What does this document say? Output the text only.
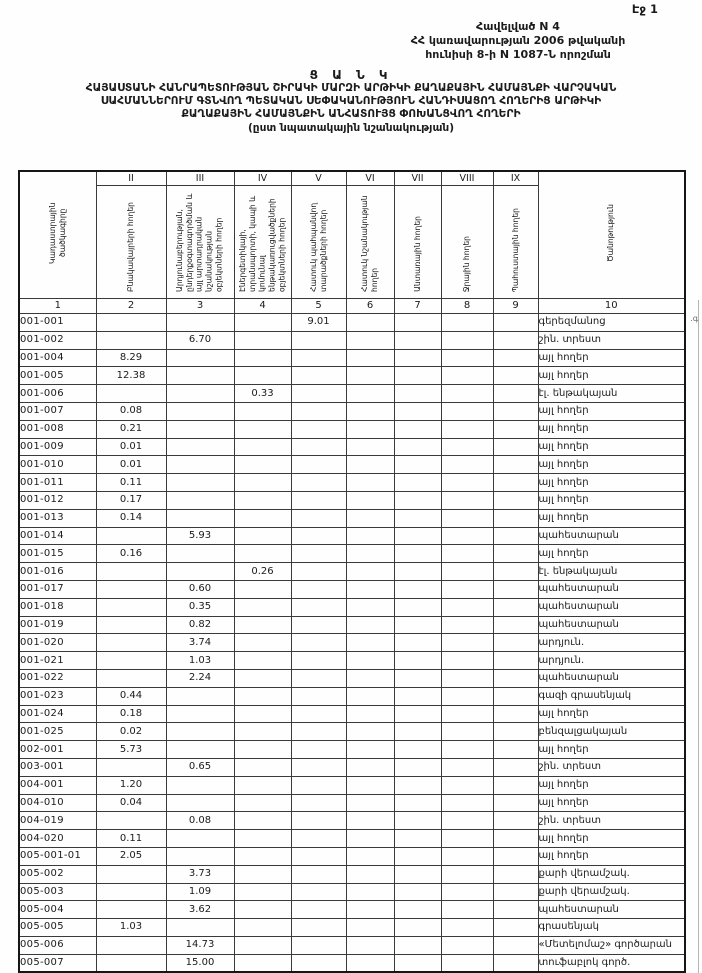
Էջ 1
Հավելված N 4
ՀՀ կառավարության 2006 թվականի
հունիսի 8-ի N 1087-Ն որոշման
Ց Ա Ն Կ
ՀԱՅԱՍՏԱՆԻ ՀԱՆՐԱՊԵՏՈՒԹՅԱՆ ՇԻՐԱԿԻ ՄԱՐԶԻ ԱՐԹԻԿԻ ՔԱՂԱՔԱՅԻՆ ՀԱՄԱՅՆՔԻ ՎԱՐՉԱԿԱՆ
ՍԱՀՄԱՆՆԵՐՈՒՄ ԳՏՆՎՈՂ ՊԵՏԱԿԱՆ ՍԵՓԱԿԱՆՈՒԹՅՈՒՆ ՀԱՆԴԻՍԱՑՈՂ ՀՈՂԵՐԻՑ ԱՐԹԻԿԻ
ՔԱՂԱՔԱՅԻՆ ՀԱՄԱՅՆՔԻՆ ԱՆՀԱՏՈՒՅՑ ՓՈԽԱՆՑՎՈՂ ՀՈՂԵՐԻ
(ըստ նպատակային նշանակության)
Կադաստրային ծածկագիրը	II	III	IV	V	VI	VII	VIII	IX	Ծանոթություն
	Բնակավայրերի հողեր	Արդյունաբերության, ընդերքօգտագործման և այլ արտադրական նշանակության օբյեկտների հողեր	Էներգետիկայի, տրանսպորտի, կապի և կոմունալ ենթակառուցվածքների օբյեկտների հողեր	Հատուկ պահպանվող տարածքների հողեր	Հատուկ նշանակության հողեր	Անտառային հողեր	Ջրային հողեր	Պահուստային հողեր	
1	2	3	4	5	6	7	8	9	10
001-001				9.01					գերեզմանոց
001-002		6.70							շին. տրեստ
001-004	8.29								այլ հողեր
001-005	12.38								այլ հողեր
001-006			0.33						էլ. ենթակայան
001-007	0.08								այլ հողեր
001-008	0.21								այլ հողեր
001-009	0.01								այլ հողեր
001-010	0.01								այլ հողեր
001-011	0.11								այլ հողեր
001-012	0.17								այլ հողեր
001-013	0.14								այլ հողեր
001-014		5.93							պահեստարան
001-015	0.16								այլ հողեր
001-016			0.26						էլ. ենթակայան
001-017		0.60							պահեստարան
001-018		0.35							պահեստարան
001-019		0.82							պահեստարան
001-020		3.74							արդյուն.
001-021		1.03							արդյուն.
001-022		2.24							պահեստարան
001-023	0.44								գազի գրասենյակ
001-024	0.18								այլ հողեր
001-025	0.02								բենզալցակայան
002-001	5.73								այլ հողեր
003-001		0.65							շին. տրեստ
004-001	1.20								այլ հողեր
004-010	0.04								այլ հողեր
004-019		0.08							շին. տրեստ
004-020	0.11								այլ հողեր
005-001-01	2.05								այլ հողեր
005-002		3.73							քարի վերամշակ.
005-003		1.09							քարի վերամշակ.
005-004		3.62							պահեստարան
005-005	1.03								գրասենյակ
005-006		14.73							«Մետելոմաշ» գործարան
005-007		15.00							տուֆաբլոկ գործ.
.գ
